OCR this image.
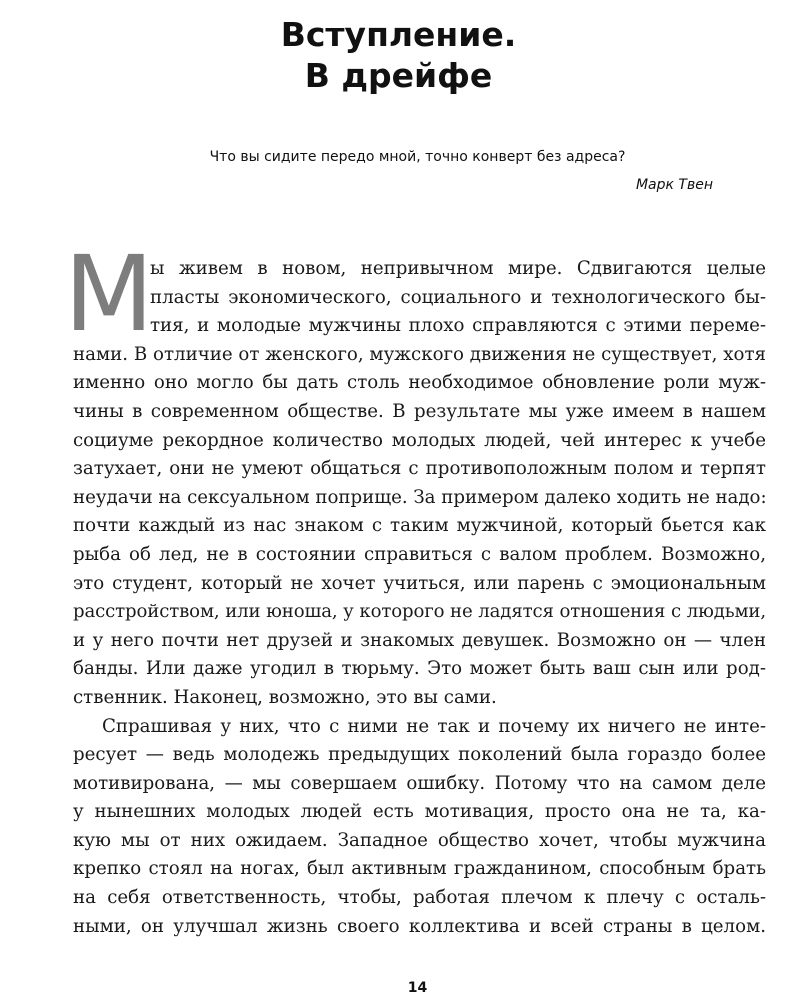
Вступление.
В дрейфе
Что вы сидите передо мной, точно конверт без адреса?
Марк Твен
М
ы живем в новом, непривычном мире. Сдвигаются целые
пласты экономического, социального и технологического бы-
тия, и молодые мужчины плохо справляются с этими переме-
нами. В отличие от женского, мужского движения не существует, хотя
именно оно могло бы дать столь необходимое обновление роли муж-
чины в современном обществе. В результате мы уже имеем в нашем
социуме рекордное количество молодых людей, чей интерес к учебе
затухает, они не умеют общаться с противоположным полом и терпят
неудачи на сексуальном поприще. За примером далеко ходить не надо:
почти каждый из нас знаком с таким мужчиной, который бьется как
рыба об лед, не в состоянии справиться с валом проблем. Возможно,
это студент, который не хочет учиться, или парень с эмоциональным
расстройством, или юноша, у которого не ладятся отношения с людьми,
и у него почти нет друзей и знакомых девушек. Возможно он — член
банды. Или даже угодил в тюрьму. Это может быть ваш сын или род-
ственник. Наконец, возможно, это вы сами.
Спрашивая у них, что с ними не так и почему их ничего не инте-
ресует — ведь молодежь предыдущих поколений была гораздо более
мотивирована, — мы совершаем ошибку. Потому что на самом деле
у нынешних молодых людей есть мотивация, просто она не та, ка-
кую мы от них ожидаем. Западное общество хочет, чтобы мужчина
крепко стоял на ногах, был активным гражданином, способным брать
на себя ответственность, чтобы, работая плечом к плечу с осталь-
ными, он улучшал жизнь своего коллектива и всей страны в целом.
14
